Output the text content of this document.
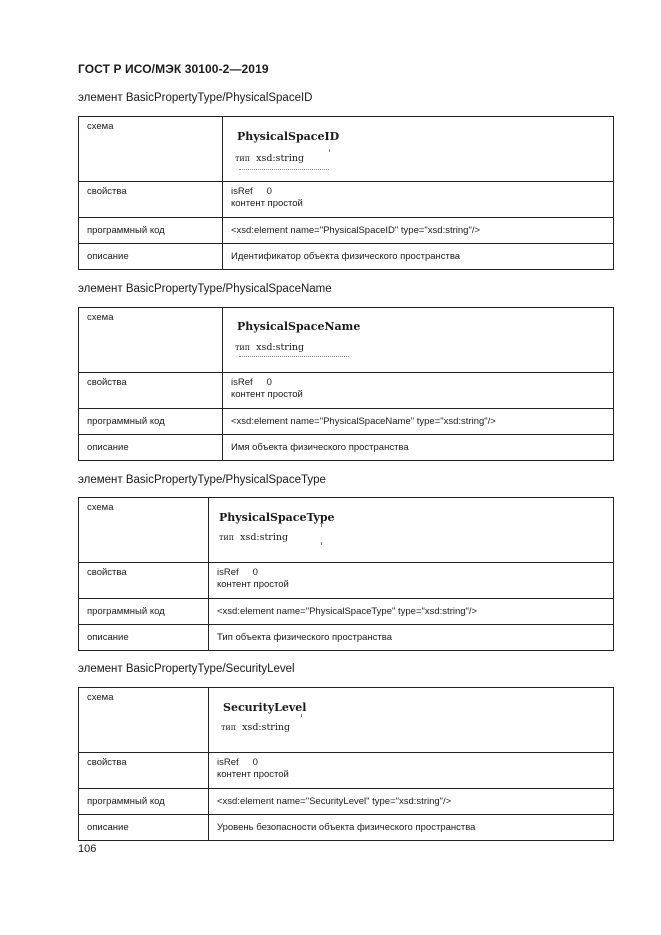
ГОСТ Р ИСО/МЭК 30100-2—2019
элемент BasicPropertyType/PhysicalSpaceID
схема	PhysicalSpaceID
тип xsd:string

свойства	isRef 0
контент простой

программный код	<xsd:element name="PhysicalSpaceID" type="xsd:string"/>
описание	Идентификатор объекта физического пространства
элемент BasicPropertyType/PhysicalSpaceName
схема	PhysicalSpaceName
тип xsd:string

свойства	isRef 0
контент простой

программный код	<xsd:element name="PhysicalSpaceName" type="xsd:string"/>
описание	Имя объекта физического пространства
элемент BasicPropertyType/PhysicalSpaceType
схема	PhysicalSpaceType
тип xsd:string

свойства	isRef 0
контент простой

программный код	<xsd:element name="PhysicalSpaceType" type="xsd:string"/>
описание	Тип объекта физического пространства
элемент BasicPropertyType/SecurityLevel
схема	SecurityLevel
тип xsd:string

свойства	isRef 0
контент простой

программный код	<xsd:element name="SecurityLevel" type="xsd:string"/>
описание	Уровень безопасности объекта физического пространства
106
